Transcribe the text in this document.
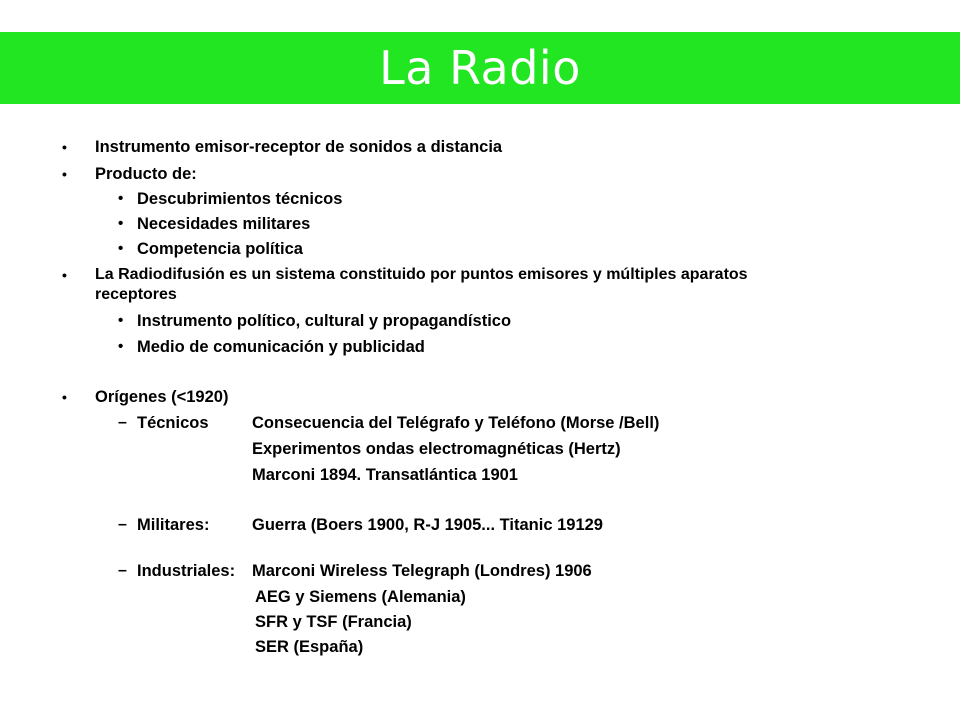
La Radio
• Instrumento emisor-receptor de sonidos a distancia
• Producto de:
• Descubrimientos técnicos
• Necesidades militares
• Competencia política
• La Radiodifusión es un sistema constituido por puntos emisores y múltiples aparatos
receptores
• Instrumento político, cultural y propagandístico
• Medio de comunicación y publicidad
• Orígenes (<1920)
– Técnicos	Consecuencia del Telégrafo y Teléfono (Morse /Bell)
Experimentos ondas electromagnéticas (Hertz)
Marconi 1894. Transatlántica 1901
– Militares:	Guerra (Boers 1900, R-J 1905... Titanic 19129
– Industriales: Marconi Wireless Telegraph (Londres) 1906
AEG y Siemens (Alemania)
SFR y TSF (Francia)
SER (España)
